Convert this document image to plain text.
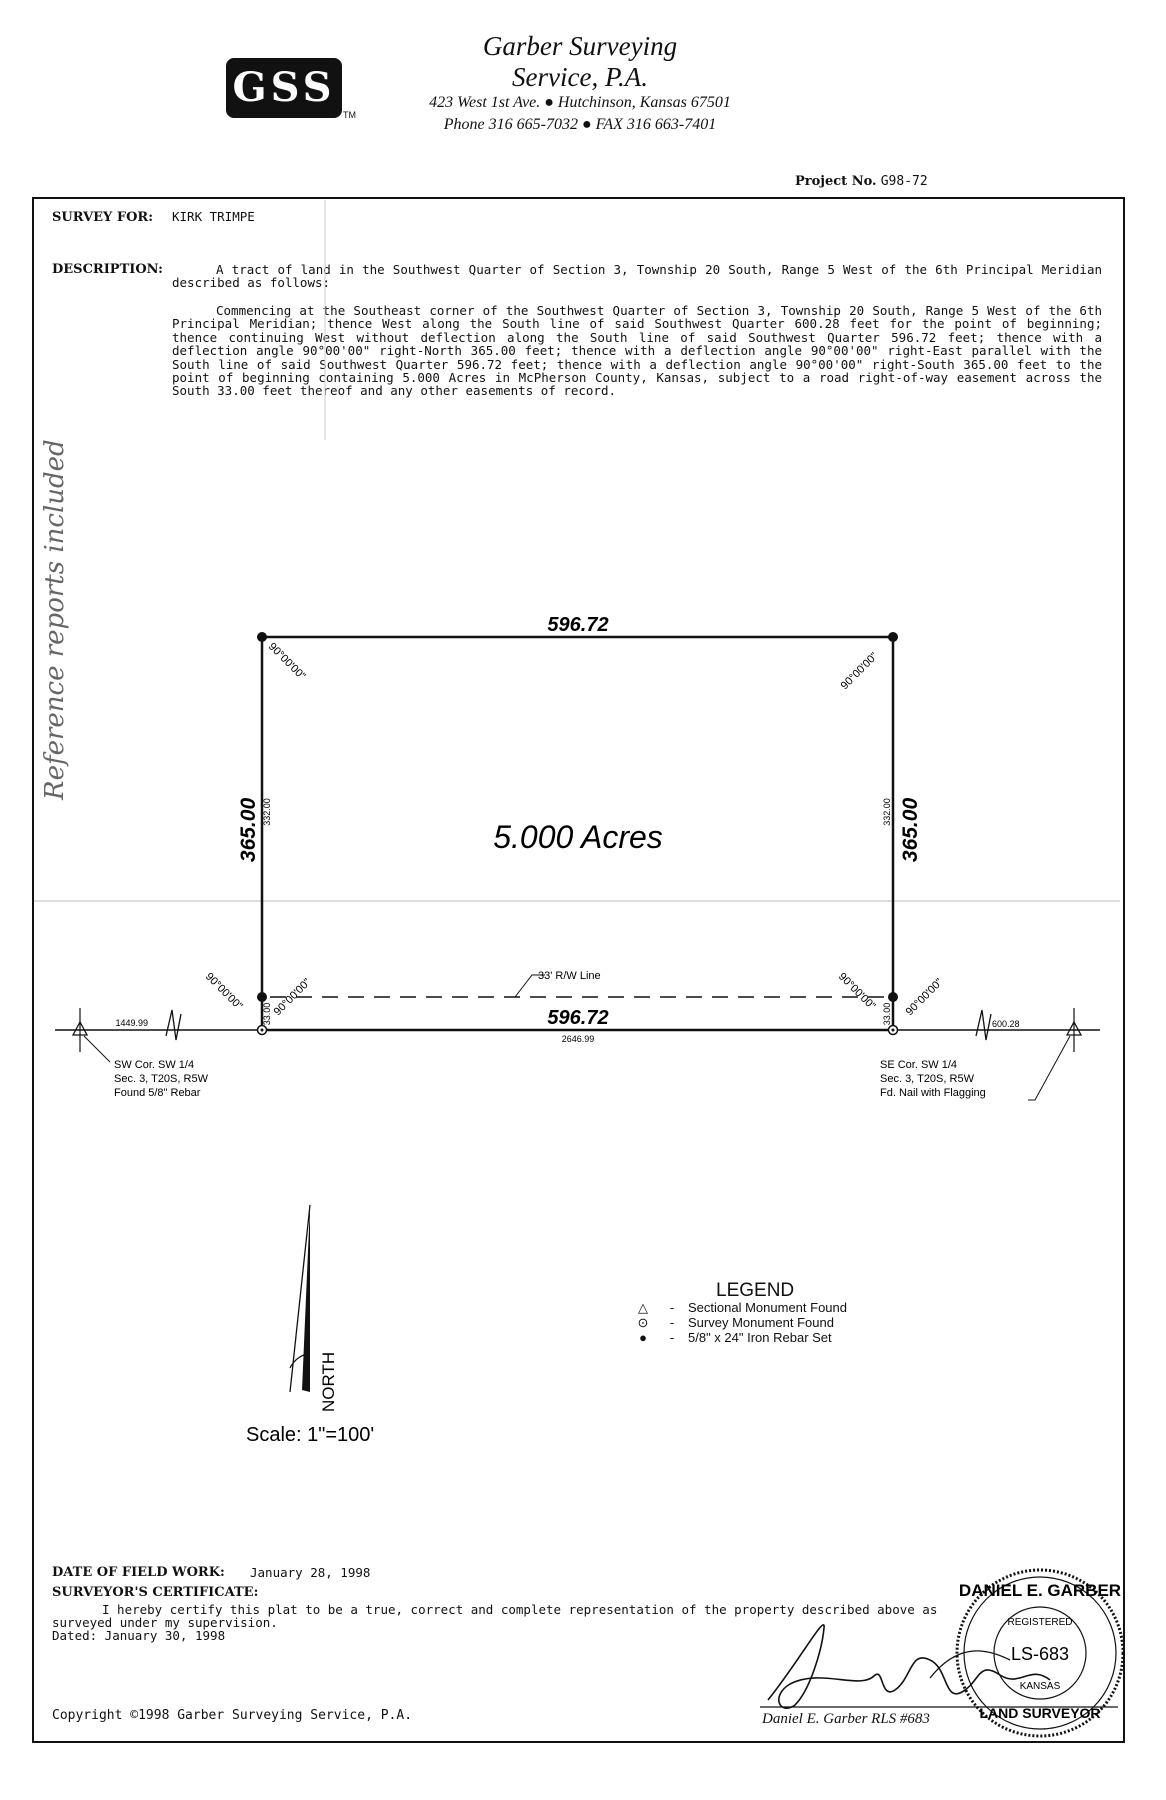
GSS
TM
Garber Surveying
Service, P.A.
423 West 1st Ave. ● Hutchinson, Kansas 67501
Phone 316 665-7032 ● FAX 316 663-7401
Project No. G98-72
SURVEY FOR: KIRK TRIMPE
DESCRIPTION:	A tract of land in the Southwest Quarter of Section 3, Township 20 South, Range 5 West of the 6th Principal Meridian described as follows:
Commencing at the Southeast corner of the Southwest Quarter of Section 3, Township 20 South, Range 5 West of the 6th Principal Meridian; thence West along the South line of said Southwest Quarter 600.28 feet for the point of beginning; thence continuing West without deflection along the South line of said Southwest Quarter 596.72 feet; thence with a deflection angle 90°00'00" right-North 365.00 feet; thence with a deflection angle 90°00'00" right-East parallel with the South line of said Southwest Quarter 596.72 feet; thence with a deflection angle 90°00'00" right-South 365.00 feet to the point of beginning containing 5.000 Acres in McPherson County, Kansas, subject to a road right-of-way easement across the South 33.00 feet thereof and any other easements of record.
Reference reports included	596.72
596.72
2646.99
1449.99	600.28
33' R/W Line
365.00 332.00
33.00
365.00
332.00
33.00
5.000 Acres
90°00'00"	90°00'00"
90°00'00" 90°00'00"	90°00'00" 90°00'00"
SW Cor. SW 1/4
Sec. 3, T20S, R5W
Found 5/8" Rebar
SE Cor. SW 1/4
Sec. 3, T20S, R5W
Fd. Nail with Flagging
NORTH
Scale: 1"=100'
DANIEL E. GARBER
REGISTERED
LS-683
KANSAS
LAND SURVEYOR
LEGEND
△ - Sectional Monument Found
⊙ - Survey Monument Found
● - 5/8" x 24" Iron Rebar Set
DATE OF FIELD WORK: January 28, 1998
SURVEYOR'S CERTIFICATE:
I hereby certify this plat to be a true, correct and complete representation of the property described above as surveyed under my supervision.
Dated: January 30, 1998
Copyright ©1998 Garber Surveying Service, P.A.	Daniel E. Garber RLS #683
